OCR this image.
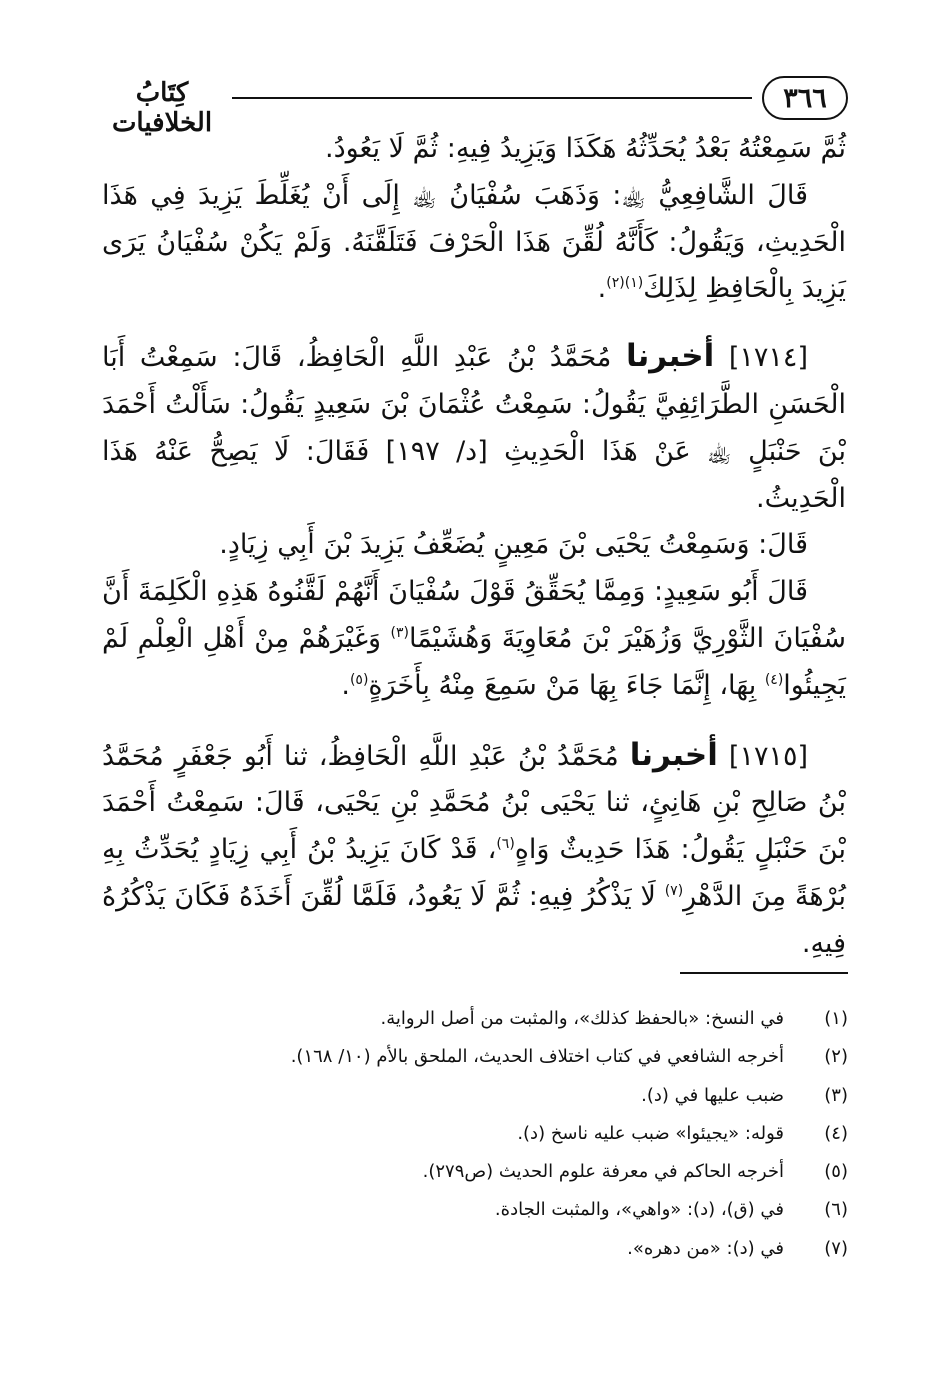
٣٦٦
كِتَابُ الخلافيات

ثُمَّ سَمِعْتُهُ بَعْدُ يُحَدِّثُهُ هَكَذَا وَيَزِيدُ فِيهِ: ثُمَّ لَا يَعُودُ.

قَالَ الشَّافِعِيُّ ﵀: وَذَهَبَ سُفْيَانُ ﵀ إِلَى أَنْ يُغَلِّطَ يَزِيدَ فِي هَذَا الْحَدِيثِ، وَيَقُولُ: كَأَنَّهُ لُقِّنَ هَذَا الْحَرْفَ فَتَلَقَّنَهُ. وَلَمْ يَكُنْ سُفْيَانُ يَرَى يَزِيدَ بِالْحَافِظِ لِذَلِكَ$^{(١)(٢)}$.

[١٧١٤] أخبرنا مُحَمَّدُ بْنُ عَبْدِ اللَّهِ الْحَافِظُ، قَالَ: سَمِعْتُ أَبَا الْحَسَنِ الطَّرَائِفِيَّ يَقُولُ: سَمِعْتُ عُثْمَانَ بْنَ سَعِيدٍ يَقُولُ: سَأَلْتُ أَحْمَدَ بْنَ حَنْبَلٍ ﵀ عَنْ هَذَا الْحَدِيثِ [د/ ١٩٧] فَقَالَ: لَا يَصِحُّ عَنْهُ هَذَا الْحَدِيثُ.

قَالَ: وَسَمِعْتُ يَحْيَى بْنَ مَعِينٍ يُضَعِّفُ يَزِيدَ بْنَ أَبِي زِيَادٍ.

قَالَ أَبُو سَعِيدٍ: وَمِمَّا يُحَقِّقُ قَوْلَ سُفْيَانَ أَنَّهُمْ لَقَّنُوهُ هَذِهِ الْكَلِمَةَ أَنَّ سُفْيَانَ الثَّوْرِيَّ وَزُهَيْرَ بْنَ مُعَاوِيَةَ وَهُشَيْمًا$^{(٣)}$ وَغَيْرَهُمْ مِنْ أَهْلِ الْعِلْمِ لَمْ يَجِيئُوا$^{(٤)}$ بِهَا، إِنَّمَا جَاءَ بِهَا مَنْ سَمِعَ مِنْهُ بِأَخَرَةٍ$^{(٥)}$.

[١٧١٥] أخبرنا مُحَمَّدُ بْنُ عَبْدِ اللَّهِ الْحَافِظُ، ثنا أَبُو جَعْفَرٍ مُحَمَّدُ بْنُ صَالِحِ بْنِ هَانِئٍ، ثنا يَحْيَى بْنُ مُحَمَّدِ بْنِ يَحْيَى، قَالَ: سَمِعْتُ أَحْمَدَ بْنَ حَنْبَلٍ يَقُولُ: هَذَا حَدِيثٌ وَاهٍ$^{(٦)}$، قَدْ كَانَ يَزِيدُ بْنُ أَبِي زِيَادٍ يُحَدِّثُ بِهِ بُرْهَةً مِنَ الدَّهْرِ$^{(٧)}$ لَا يَذْكُرُ فِيهِ: ثُمَّ لَا يَعُودُ، فَلَمَّا لُقِّنَ أَخَذَهُ فَكَانَ يَذْكُرُهُ فِيهِ.

(١)في النسخ: «بالحفظ كذلك»، والمثبت من أصل الرواية.
(٢)أخرجه الشافعي في كتاب اختلاف الحديث، الملحق بالأم (١٠/ ١٦٨).
(٣)ضبب عليها في (د).
(٤)قوله: «يجيئوا» ضبب عليه ناسخ (د).
(٥)أخرجه الحاكم في معرفة علوم الحديث (ص٢٧٩).
(٦)في (ق)، (د): «واهي»، والمثبت الجادة.
(٧)في (د): «من دهره».
